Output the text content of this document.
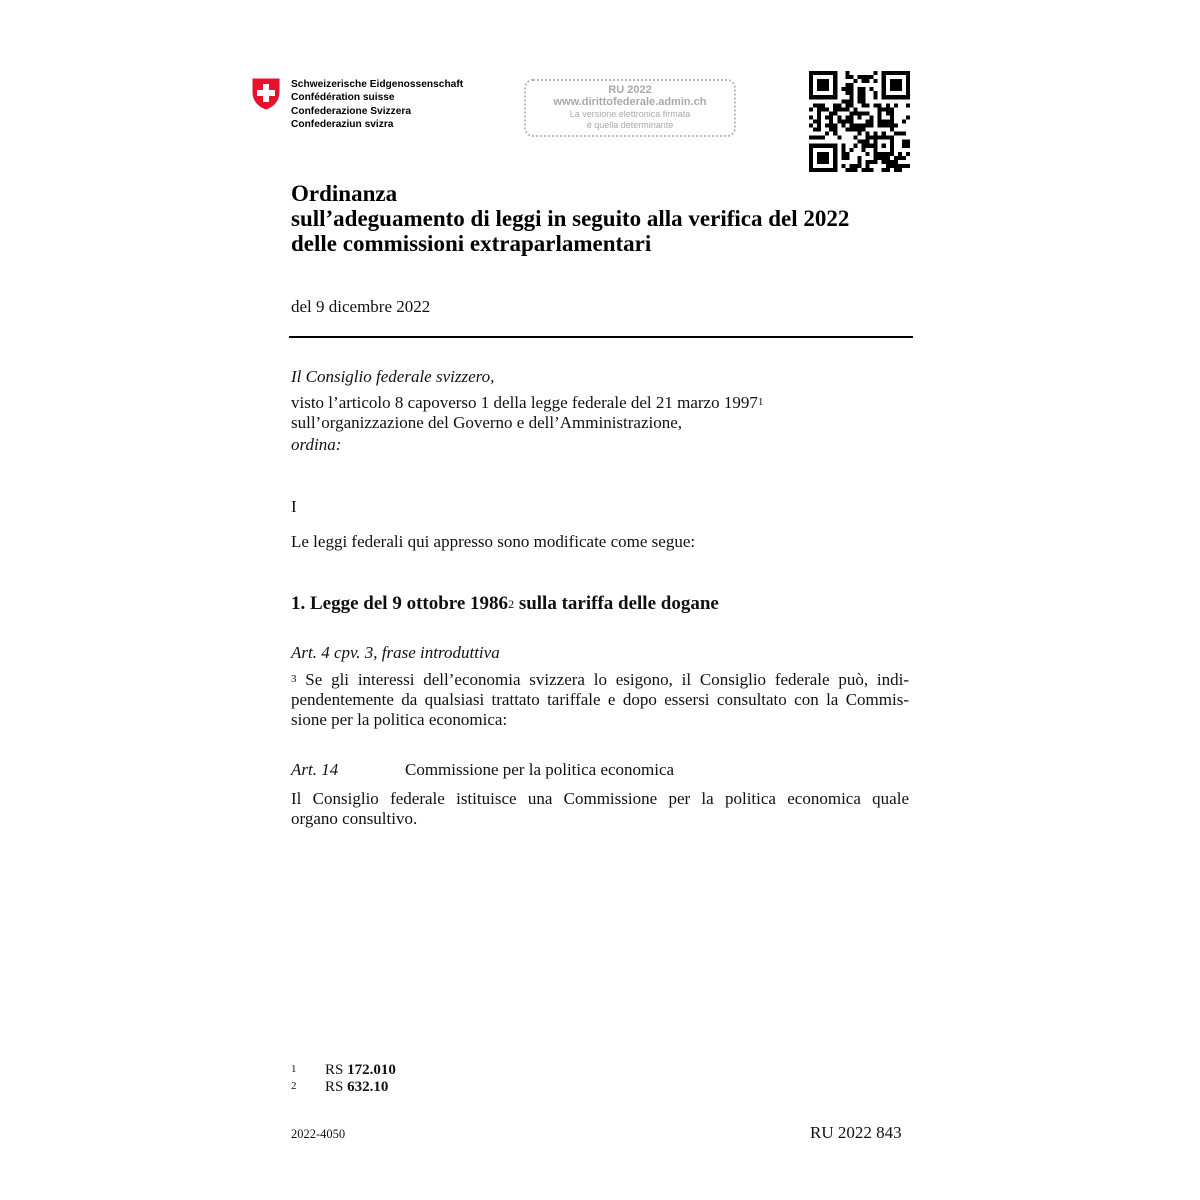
Schweizerische Eidgenossenschaft
Confédération suisse
Confederazione Svizzera
Confederaziun svizra
RU 2022
www.dirittofederale.admin.ch
La versione elettronica firmata
è quella determinante
Ordinanza
sull’adeguamento di leggi in seguito alla verifica del 2022
delle commissioni extraparlamentari
del 9 dicembre 2022
Il Consiglio federale svizzero,
visto l’articolo 8 capoverso 1 della legge federale del 21 marzo 1997$^1$
sull’organizzazione del Governo e dell’Amministrazione,
ordina:
I
Le leggi federali qui appresso sono modificate come segue:
1. Legge del 9 ottobre 1986$^2$ sulla tariffa delle dogane
Art. 4 cpv. 3, frase introduttiva
$^3$ Se gli interessi dell’economia svizzera lo esigono, il Consiglio federale può, indi-
pendentemente da qualsiasi trattato tariffale e dopo essersi consultato con la Commis-
sione per la politica economica:
Art. 14	Commissione per la politica economica
Il Consiglio federale istituisce una Commissione per la politica economica quale
organo consultivo.
1 RS 172.010
2 RS 632.10
2022-4050	RU 2022 843
